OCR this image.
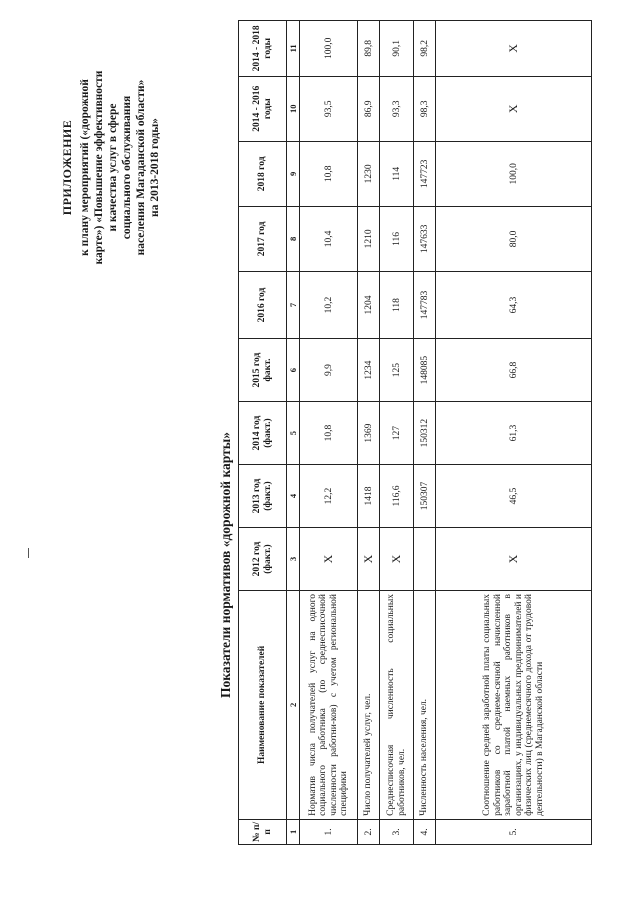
ПРИЛОЖЕНИЕ к плану мероприятий («дорожной карте») «Повышение эффективности и качества услуг в сфере социального обслуживания населения Магаданской области» на 2013-2018 годы»
Показатели нормативов «дорожной карты»
№ п/п	Наименование показателей	2012 год (факт.)	2013 год (факт.)	2014 год (факт.)	2015 год факт.	2016 год	2017 год	2018 год	2014 - 2016 годы	2014 - 2018 годы
1	2	3	4	5	6	7	8	9	10	11
1.	Норматив числа получателей услуг на одного социального работника (по среднесписочной численности работни-ков) с учетом региональной специфики	X	12,2	10,8	9,9	10,2	10,4	10,8	93,5	100,0
2.	Число получателей услуг, чел.	X	1418	1369	1234	1204	1210	1230	86,9	89,8
3.	Среднесписочная численность социальных работников, чел.	X	116,6	127	125	118	116	114	93,3	90,1
4.	Численность населения, чел.		150307	150312	148085	147783	147633	147723	98,3	98,2
5.	Соотношение средней заработной платы социальных работников со среднеме-сячной начисленной заработной платой наемных работников в организациях, у индивидуальных предпринимателей и физических лиц (среднемесячного дохода от трудовой деятельности) в Магаданской области	X	46,5	61,3	66,8	64,3	80,0	100,0	X	X
